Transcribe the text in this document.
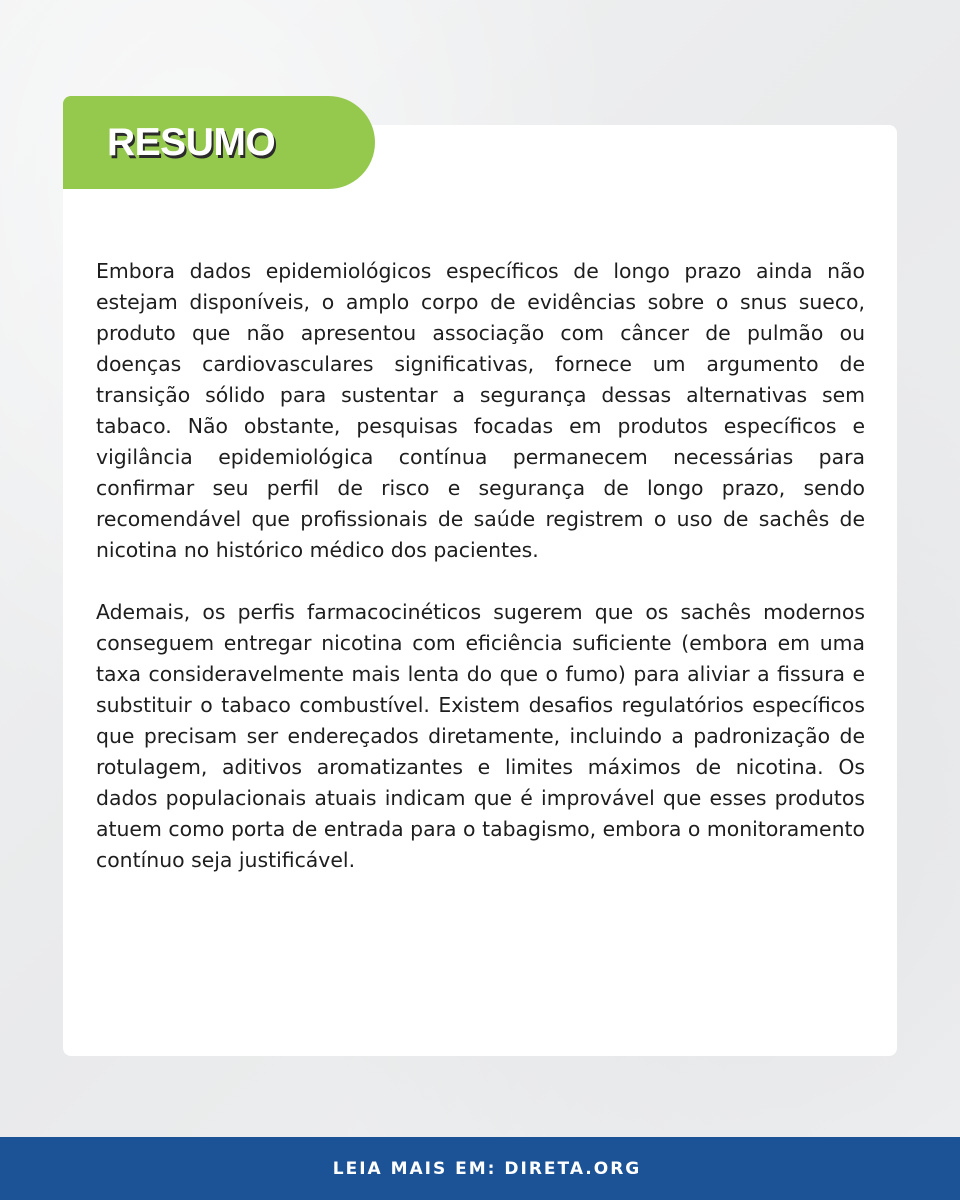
RESUMO

Embora dados epidemiológicos específicos de longo prazo ainda não estejam disponíveis, o amplo corpo de evidências sobre o snus sueco, produto que não apresentou associação com câncer de pulmão ou doenças cardiovasculares significativas, fornece um argumento de transição sólido para sustentar a segurança dessas alternativas sem tabaco. Não obstante, pesquisas focadas em produtos específicos e vigilância epidemiológica contínua permanecem necessárias para confirmar seu perfil de risco e segurança de longo prazo, sendo recomendável que profissionais de saúde registrem o uso de sachês de nicotina no histórico médico dos pacientes.

Ademais, os perfis farmacocinéticos sugerem que os sachês modernos conseguem entregar nicotina com eficiência suficiente (embora em uma taxa consideravelmente mais lenta do que o fumo) para aliviar a fissura e substituir o tabaco combustível. Existem desafios regulatórios específicos que precisam ser endereçados diretamente, incluindo a padronização de rotulagem, aditivos aromatizantes e limites máximos de nicotina. Os dados populacionais atuais indicam que é improvável que esses produtos atuem como porta de entrada para o tabagismo, embora o monitoramento contínuo seja justificável.

LEIA MAIS EM: DIRETA.ORG
